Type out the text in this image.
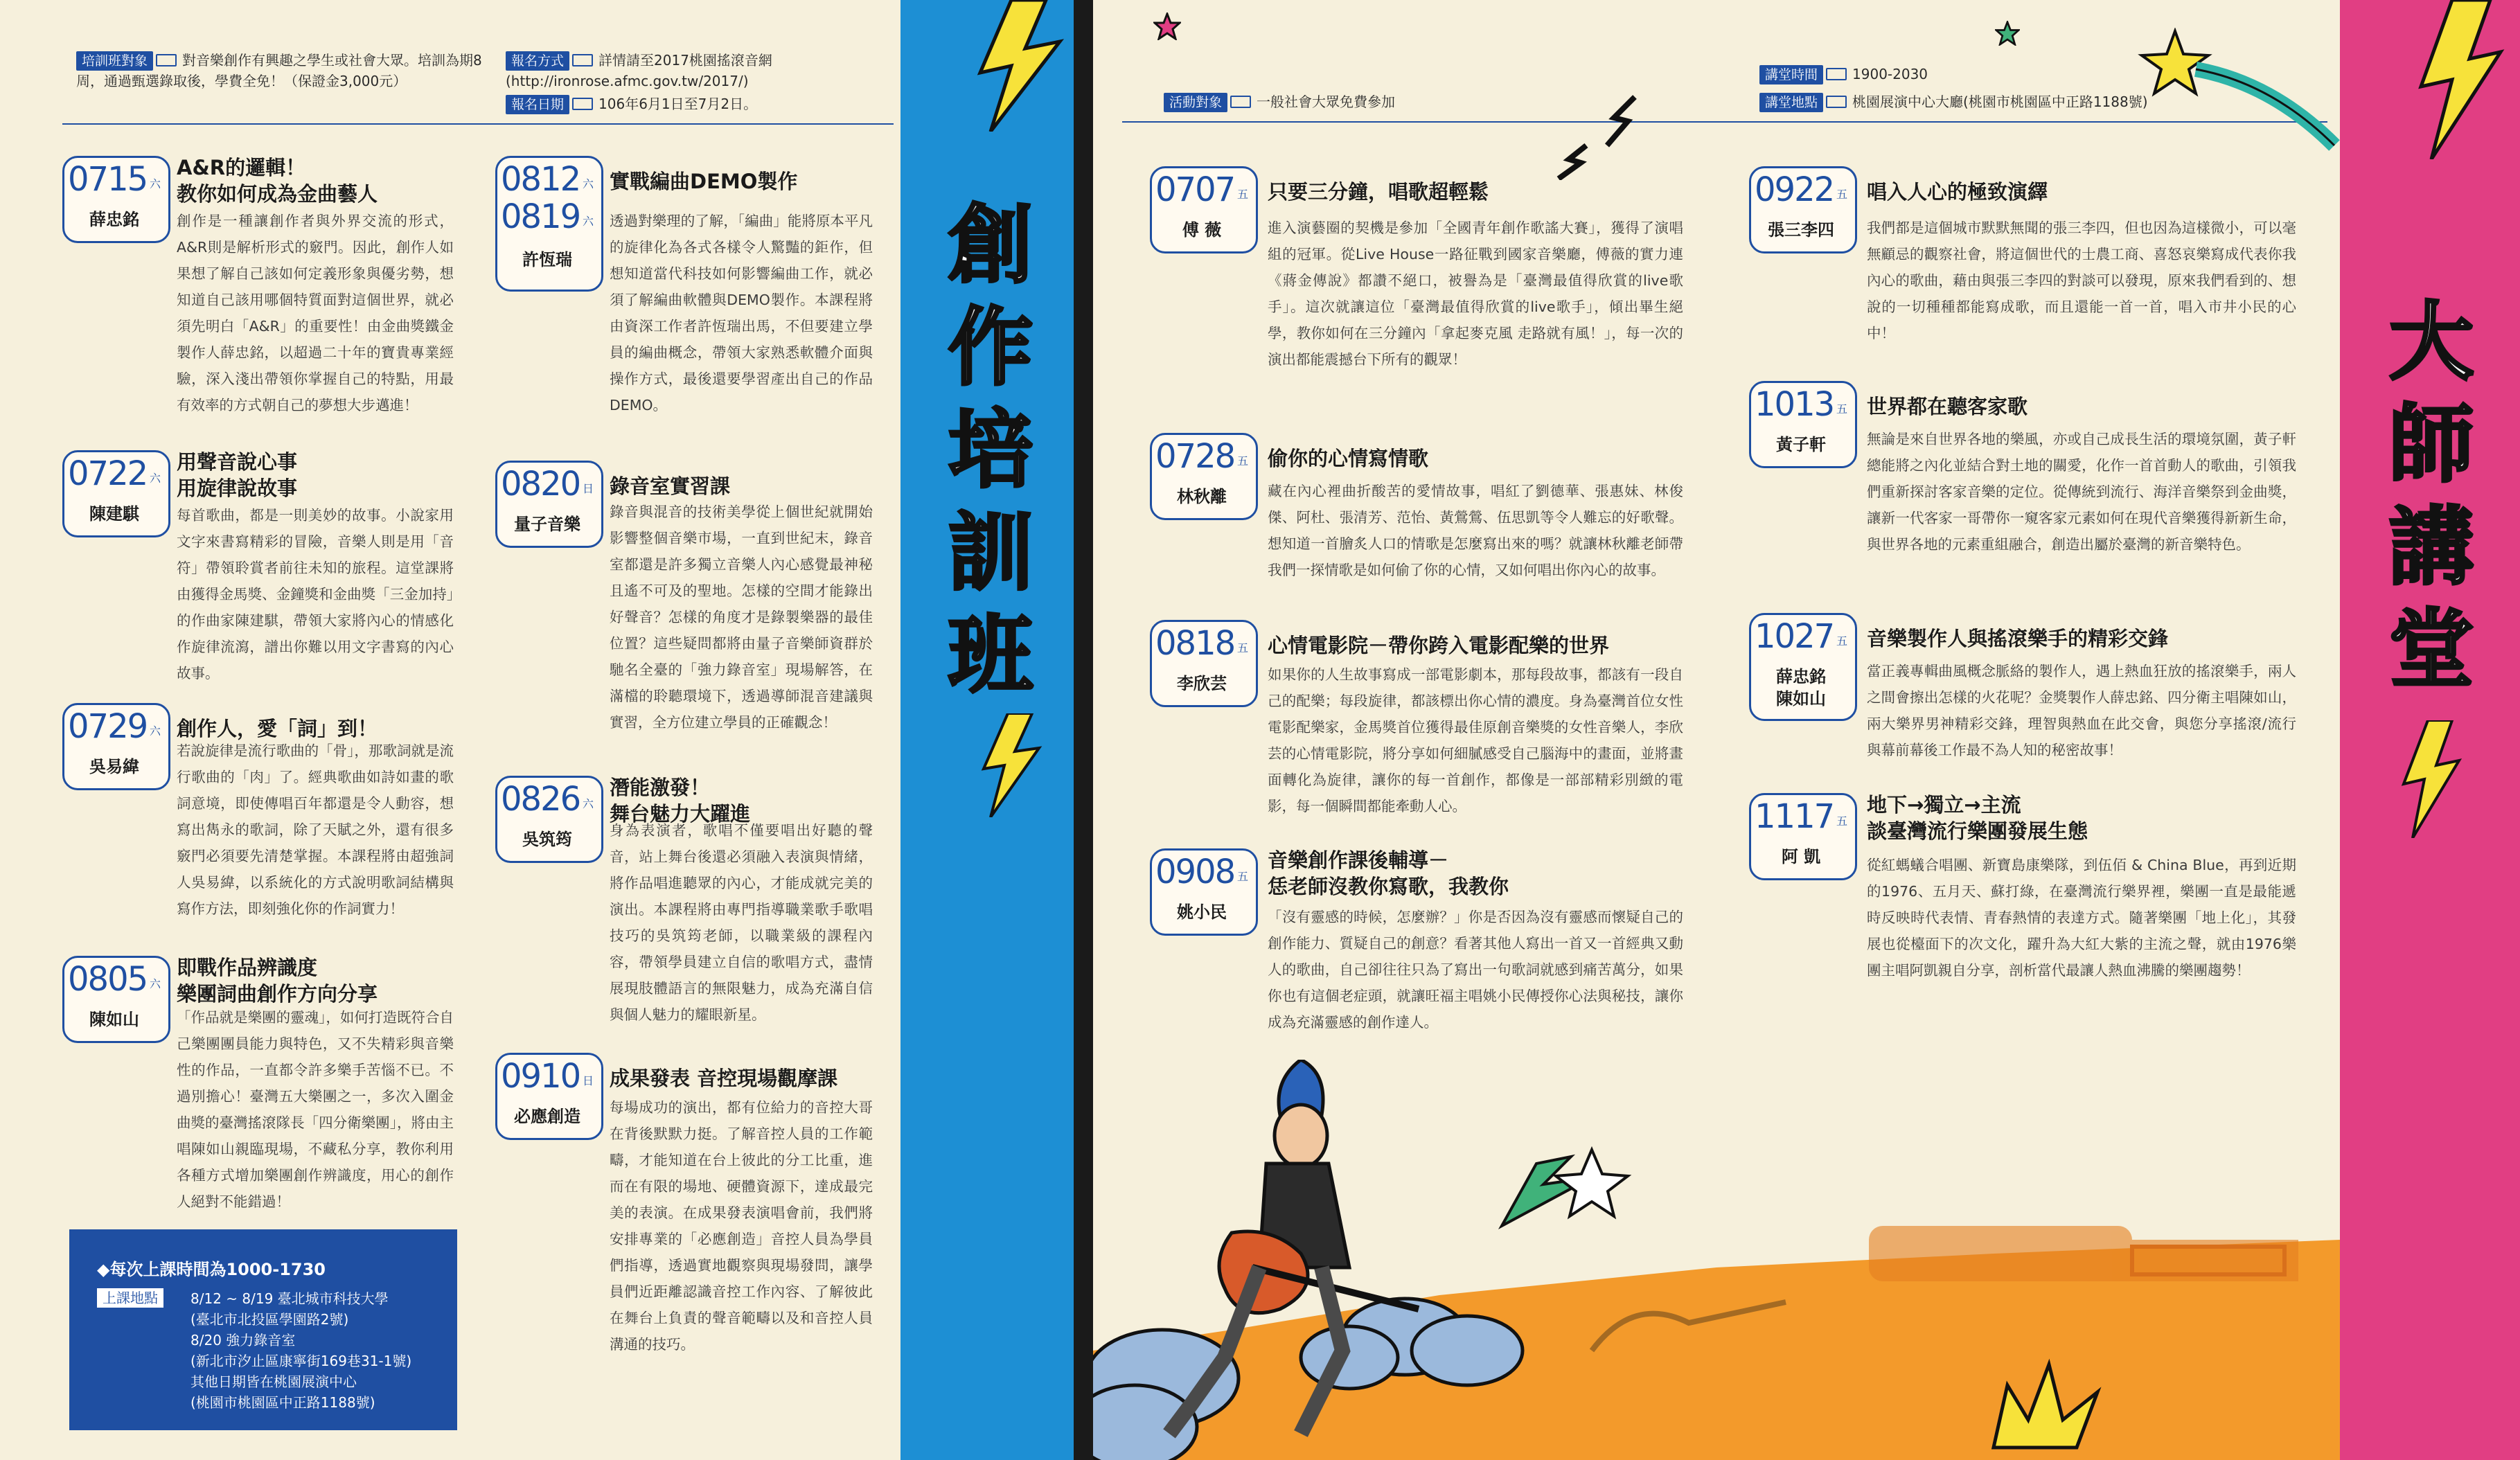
創
作
培
訓
班
大
師
講
堂
培訓班對象	對音樂創作有興趣之學生或社會大眾。培訓為期8周，通過甄選錄取後，學費全免！（保證金3,000元）
報名方式	詳情請至2017桃園搖滾音網 (http://ironrose.afmc.gov.tw/2017/)
報名日期	106年6月1日至7月2日。	活動對象	一般社會大眾免費參加
講堂時間	1900-2030
講堂地點	桃園展演中心大廳(桃園市桃園區中正路1188號)
0715 六
薛忠銘
A&R的邏輯！
教你如何成為金曲藝人
創作是一種讓創作者與外界交流的形式，A&R則是解析形式的竅門。因此，創作人如果想了解自己該如何定義形象與優劣勢，想知道自己該用哪個特質面對這個世界，就必須先明白「A&R」的重要性！由金曲獎鐵金製作人薛忠銘，以超過二十年的寶貴專業經驗，深入淺出帶領你掌握自己的特點，用最有效率的方式朝自己的夢想大步邁進！
0722 六
陳建騏
用聲音說心事
用旋律說故事
每首歌曲，都是一則美妙的故事。小說家用文字來書寫精彩的冒險，音樂人則是用「音符」帶領聆賞者前往未知的旅程。這堂課將由獲得金馬獎、金鐘獎和金曲獎「三金加持」的作曲家陳建騏，帶領大家將內心的情感化作旋律流瀉，譜出你難以用文字書寫的內心故事。
0729 六
吳易緯
創作人，愛「詞」到！
若說旋律是流行歌曲的「骨」，那歌詞就是流行歌曲的「肉」了。經典歌曲如詩如畫的歌詞意境，即使傳唱百年都還是令人動容，想寫出雋永的歌詞，除了天賦之外，還有很多竅門必須要先清楚掌握。本課程將由超強詞人吳易緯，以系統化的方式說明歌詞結構與寫作方法，即刻強化你的作詞實力！
0805 六
陳如山
即戰作品辨識度
樂團詞曲創作方向分享
「作品就是樂團的靈魂」，如何打造既符合自己樂團團員能力與特色，又不失精彩與音樂性的作品，一直都令許多樂手苦惱不已。不過別擔心！臺灣五大樂團之一，多次入圍金曲獎的臺灣搖滾隊長「四分衛樂團」，將由主唱陳如山親臨現場，不藏私分享，教你利用各種方式增加樂團創作辨識度，用心的創作人絕對不能錯過！
0812 六
0819 六
許恆瑞
實戰編曲DEMO製作
透過對樂理的了解，「編曲」能將原本平凡的旋律化為各式各樣令人驚豔的鉅作，但想知道當代科技如何影響編曲工作，就必須了解編曲軟體與DEMO製作。本課程將由資深工作者許恆瑞出馬，不但要建立學員的編曲概念，帶領大家熟悉軟體介面與操作方式，最後還要學習產出自己的作品DEMO。
0820 日
量子音樂
錄音室實習課
錄音與混音的技術美學從上個世紀就開始影響整個音樂市場，一直到世紀末，錄音室都還是許多獨立音樂人內心感覺最神秘且遙不可及的聖地。怎樣的空間才能錄出好聲音？怎樣的角度才是錄製樂器的最佳位置？這些疑問都將由量子音樂師資群於馳名全臺的「強力錄音室」現場解答，在滿檔的聆聽環境下，透過導師混音建議與實習，全方位建立學員的正確觀念！
0826 六
吳筑筠
潛能激發！
舞台魅力大躍進
身為表演者，歌唱不僅要唱出好聽的聲音，站上舞台後還必須融入表演與情緒，將作品唱進聽眾的內心，才能成就完美的演出。本課程將由專門指導職業歌手歌唱技巧的吳筑筠老師，以職業級的課程內容，帶領學員建立自信的歌唱方式，盡情展現肢體語言的無限魅力，成為充滿自信與個人魅力的耀眼新星。
0910 日
必應創造
成果發表 音控現場觀摩課
每場成功的演出，都有位給力的音控大哥在背後默默力挺。了解音控人員的工作範疇，才能知道在台上彼此的分工比重，進而在有限的場地、硬體資源下，達成最完美的表演。在成果發表演唱會前，我們將安排專業的「必應創造」音控人員為學員們指導，透過實地觀察與現場發問，讓學員們近距離認識音控工作內容、了解彼此在舞台上負責的聲音範疇以及和音控人員溝通的技巧。
0707 五
傅 薇
只要三分鐘，唱歌超輕鬆
進入演藝圈的契機是參加「全國青年創作歌謠大賽」，獲得了演唱組的冠軍。從Live House一路征戰到國家音樂廳，傅薇的實力連《蔣金傳說》都讚不絕口，被譽為是「臺灣最值得欣賞的live歌手」。這次就讓這位「臺灣最值得欣賞的live歌手」，傾出畢生絕學，教你如何在三分鐘內「拿起麥克風 走路就有風！」，每一次的演出都能震撼台下所有的觀眾！
0728 五
林秋離
偷你的心情寫情歌
藏在內心裡曲折酸苦的愛情故事，唱紅了劉德華、張惠妹、林俊傑、阿杜、張清芳、范怡、黃鶯鶯、伍思凱等令人難忘的好歌聲。想知道一首膾炙人口的情歌是怎麼寫出來的嗎？就讓林秋離老師帶我們一探情歌是如何偷了你的心情，又如何唱出你內心的故事。
0818 五
李欣芸
心情電影院－帶你跨入電影配樂的世界
如果你的人生故事寫成一部電影劇本，那每段故事，都該有一段自己的配樂；每段旋律，都該標出你心情的濃度。身為臺灣首位女性電影配樂家，金馬獎首位獲得最佳原創音樂獎的女性音樂人，李欣芸的心情電影院，將分享如何細膩感受自己腦海中的畫面，並將畫面轉化為旋律，讓你的每一首創作，都像是一部部精彩別緻的電影，每一個瞬間都能牽動人心。
0908 五
姚小民
音樂創作課後輔導－
恁老師沒教你寫歌，我教你
「沒有靈感的時候，怎麼辦？」你是否因為沒有靈感而懷疑自己的創作能力、質疑自己的創意？看著其他人寫出一首又一首經典又動人的歌曲，自己卻往往只為了寫出一句歌詞就感到痛苦萬分，如果你也有這個老症頭，就讓旺福主唱姚小民傳授你心法與秘技，讓你成為充滿靈感的創作達人。
0922 五
張三李四
唱入人心的極致演繹
我們都是這個城市默默無聞的張三李四，但也因為這樣微小，可以毫無顧忌的觀察社會，將這個世代的士農工商、喜怒哀樂寫成代表你我內心的歌曲，藉由與張三李四的對談可以發現，原來我們看到的、想說的一切種種都能寫成歌，而且還能一首一首，唱入市井小民的心中！
1013 五
黃子軒
世界都在聽客家歌
無論是來自世界各地的樂風，亦或自己成長生活的環境氛圍，黃子軒總能將之內化並結合對土地的關愛，化作一首首動人的歌曲，引領我們重新探討客家音樂的定位。從傳統到流行、海洋音樂祭到金曲獎，讓新一代客家一哥帶你一窺客家元素如何在現代音樂獲得新新生命，與世界各地的元素重組融合，創造出屬於臺灣的新音樂特色。
1027 五
薛忠銘
陳如山
音樂製作人與搖滾樂手的精彩交鋒
當正義專輯曲風概念脈絡的製作人，遇上熱血狂放的搖滾樂手，兩人之間會擦出怎樣的火花呢？金獎製作人薛忠銘、四分衛主唱陳如山，兩大樂界男神精彩交鋒，理智與熱血在此交會，與您分享搖滾/流行與幕前幕後工作最不為人知的秘密故事！
1117 五
阿 凱
地下→獨立→主流
談臺灣流行樂團發展生態
從紅螞蟻合唱團、新寶島康樂隊，到伍佰 & China Blue，再到近期的1976、五月天、蘇打綠，在臺灣流行樂界裡，樂團一直是最能遞時反映時代表情、青春熱情的表達方式。隨著樂團「地上化」，其發展也從檯面下的次文化，躍升為大紅大紫的主流之聲，就由1976樂團主唱阿凱親自分享，剖析當代最讓人熱血沸騰的樂團趨勢！
◆每次上課時間為1000-1730
上課地點	8/12 ~ 8/19 臺北城市科技大學
(臺北市北投區學園路2號)
8/20 強力錄音室
(新北市汐止區康寧街169巷31-1號)
其他日期皆在桃園展演中心
(桃園市桃園區中正路1188號)
